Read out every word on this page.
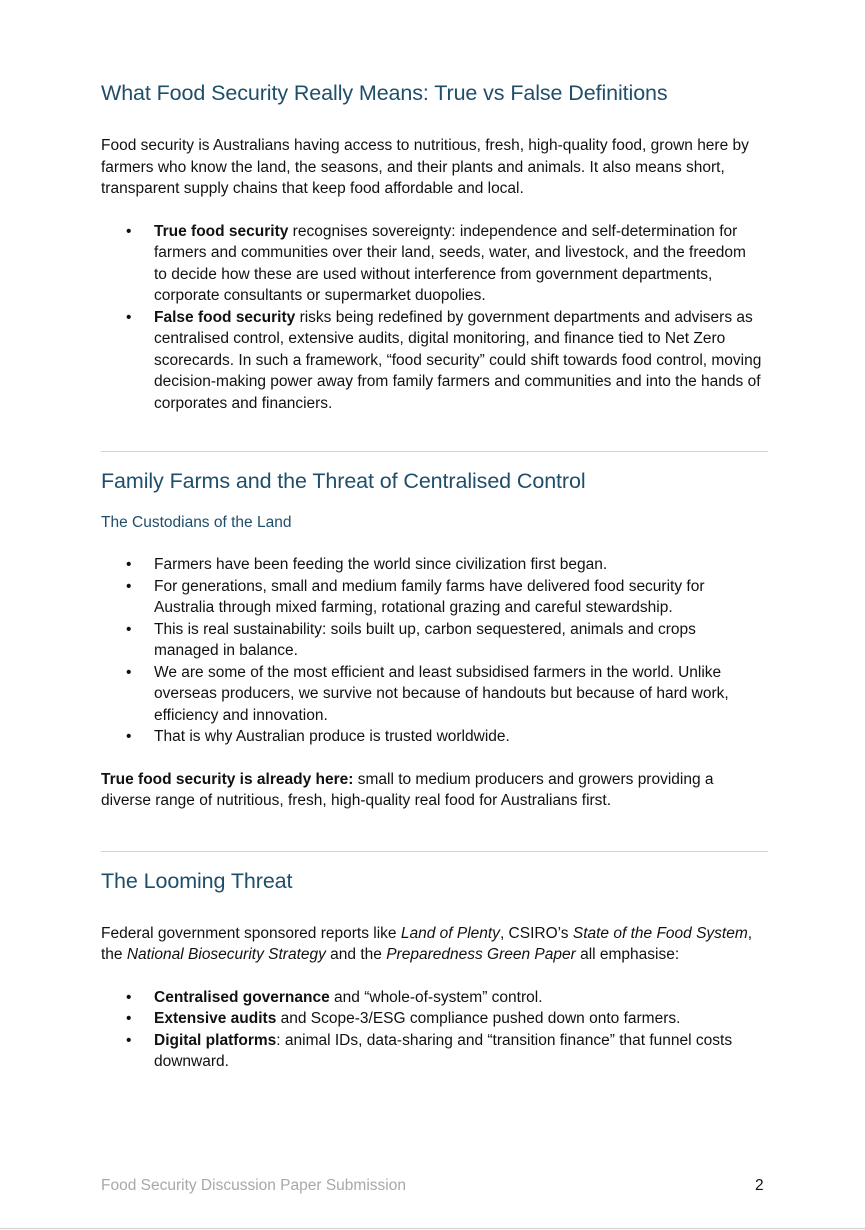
What Food Security Really Means: True vs False Definitions

Food security is Australians having access to nutritious, fresh, high-quality food, grown here by farmers who know the land, the seasons, and their plants and animals. It also means short, transparent supply chains that keep food affordable and local.

• True food security recognises sovereignty: independence and self-determination for farmers and communities over their land, seeds, water, and livestock, and the freedom to decide how these are used without interference from government departments, corporate consultants or supermarket duopolies.
• False food security risks being redefined by government departments and advisers as centralised control, extensive audits, digital monitoring, and finance tied to Net Zero scorecards. In such a framework, “food security” could shift towards food control, moving decision-making power away from family farmers and communities and into the hands of corporates and financiers.
Family Farms and the Threat of Centralised Control
The Custodians of the Land
• Farmers have been feeding the world since civilization first began.
• For generations, small and medium family farms have delivered food security for Australia through mixed farming, rotational grazing and careful stewardship.
• This is real sustainability: soils built up, carbon sequestered, animals and crops managed in balance.
• We are some of the most efficient and least subsidised farmers in the world. Unlike overseas producers, we survive not because of handouts but because of hard work, efficiency and innovation.
• That is why Australian produce is trusted worldwide.

True food security is already here: small to medium producers and growers providing a diverse range of nutritious, fresh, high-quality real food for Australians first.

The Looming Threat

Federal government sponsored reports like Land of Plenty, CSIRO’s State of the Food System, the National Biosecurity Strategy and the Preparedness Green Paper all emphasise:

• Centralised governance and “whole-of-system” control.
• Extensive audits and Scope-3/ESG compliance pushed down onto farmers.
• Digital platforms: animal IDs, data-sharing and “transition finance” that funnel costs downward.
Food Security Discussion Paper Submission	2
